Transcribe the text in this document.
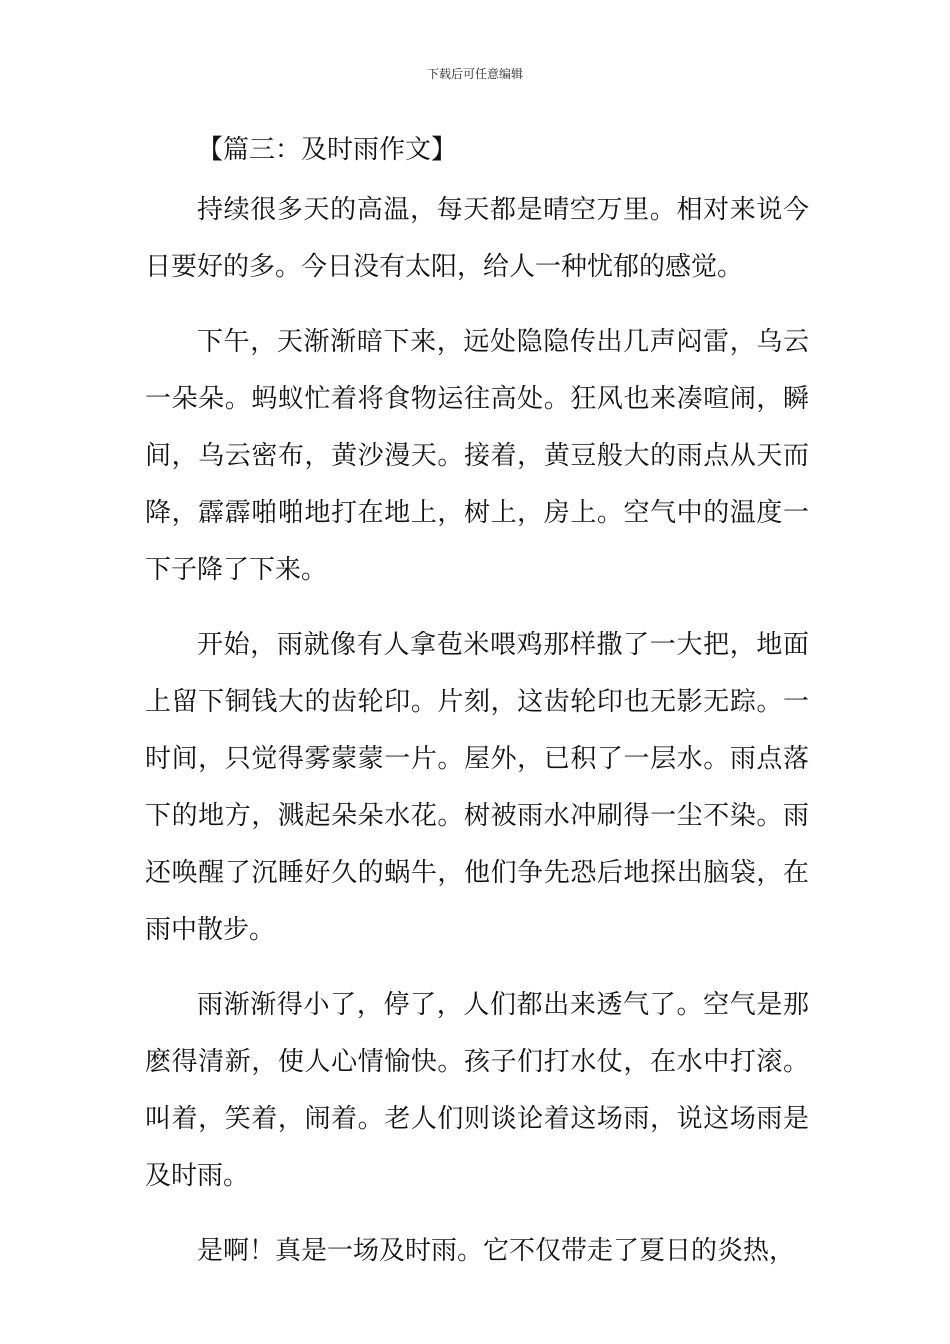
下载后可任意编辑
【篇三：及时雨作文】

持续很多天的高温，每天都是晴空万里。相对来说今日要好的多。今日没有太阳，给人一种忧郁的感觉。

下午，天渐渐暗下来，远处隐隐传出几声闷雷，乌云一朵朵。蚂蚁忙着将食物运往高处。狂风也来凑喧闹，瞬间，乌云密布，黄沙漫天。接着，黄豆般大的雨点从天而降，霹霹啪啪地打在地上，树上，房上。空气中的温度一下子降了下来。

开始，雨就像有人拿苞米喂鸡那样撒了一大把，地面上留下铜钱大的齿轮印。片刻，这齿轮印也无影无踪。一时间，只觉得雾蒙蒙一片。屋外，已积了一层水。雨点落下的地方，溅起朵朵水花。树被雨水冲刷得一尘不染。雨还唤醒了沉睡好久的蜗牛，他们争先恐后地探出脑袋，在雨中散步。

雨渐渐得小了，停了，人们都出来透气了。空气是那麽得清新，使人心情愉快。孩子们打水仗，在水中打滚。叫着，笑着，闹着。老人们则谈论着这场雨，说这场雨是及时雨。

是啊！真是一场及时雨。它不仅带走了夏日的炎热，
